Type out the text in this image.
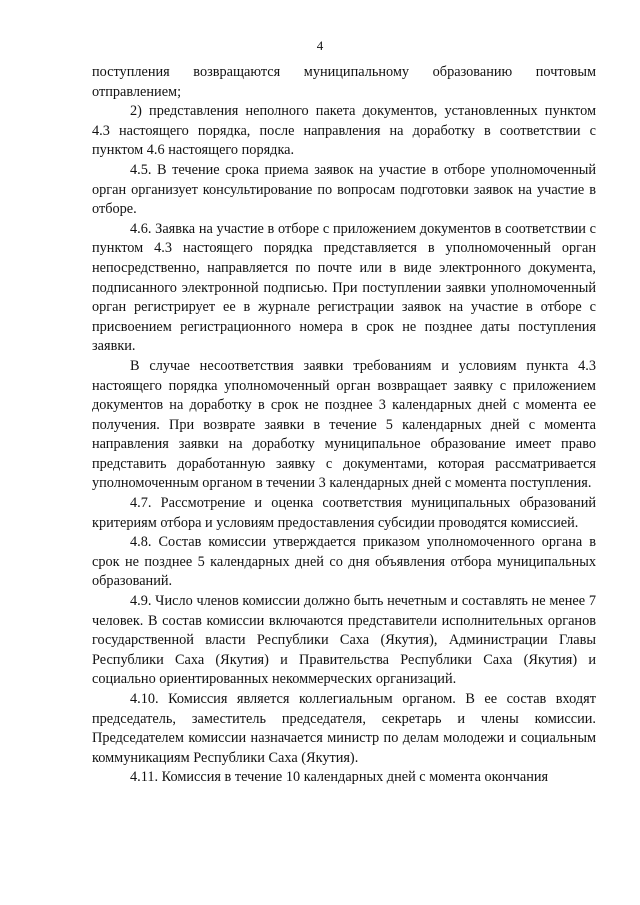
4

поступления возвращаются муниципальному образованию почтовым отправлением;

2) представления неполного пакета документов, установленных пунктом 4.3 настоящего порядка, после направления на доработку в соответствии с пунктом 4.6 настоящего порядка.

4.5. В течение срока приема заявок на участие в отборе уполномоченный орган организует консультирование по вопросам подготовки заявок на участие в отборе.

4.6. Заявка на участие в отборе с приложением документов в соответствии с пунктом 4.3 настоящего порядка представляется в уполномоченный орган непосредственно, направляется по почте или в виде электронного документа, подписанного электронной подписью. При поступлении заявки уполномоченный орган регистрирует ее в журнале регистрации заявок на участие в отборе с присвоением регистрационного номера в срок не позднее даты поступления заявки.

В случае несоответствия заявки требованиям и условиям пункта 4.3 настоящего порядка уполномоченный орган возвращает заявку с приложением документов на доработку в срок не позднее 3 календарных дней с момента ее получения. При возврате заявки в течение 5 календарных дней с момента направления заявки на доработку муниципальное образование имеет право представить доработанную заявку с документами, которая рассматривается уполномоченным органом в течении 3 календарных дней с момента поступления.

4.7. Рассмотрение и оценка соответствия муниципальных образований критериям отбора и условиям предоставления субсидии проводятся комиссией.

4.8. Состав комиссии утверждается приказом уполномоченного органа в срок не позднее 5 календарных дней со дня объявления отбора муниципальных образований.

4.9. Число членов комиссии должно быть нечетным и составлять не менее 7 человек. В состав комиссии включаются представители исполнительных органов государственной власти Республики Саха (Якутия), Администрации Главы Республики Саха (Якутия) и Правительства Республики Саха (Якутия) и социально ориентированных некоммерческих организаций.

4.10. Комиссия является коллегиальным органом. В ее состав входят председатель, заместитель председателя, секретарь и члены комиссии. Председателем комиссии назначается министр по делам молодежи и социальным коммуникациям Республики Саха (Якутия).

4.11. Комиссия в течение 10 календарных дней с момента окончания
